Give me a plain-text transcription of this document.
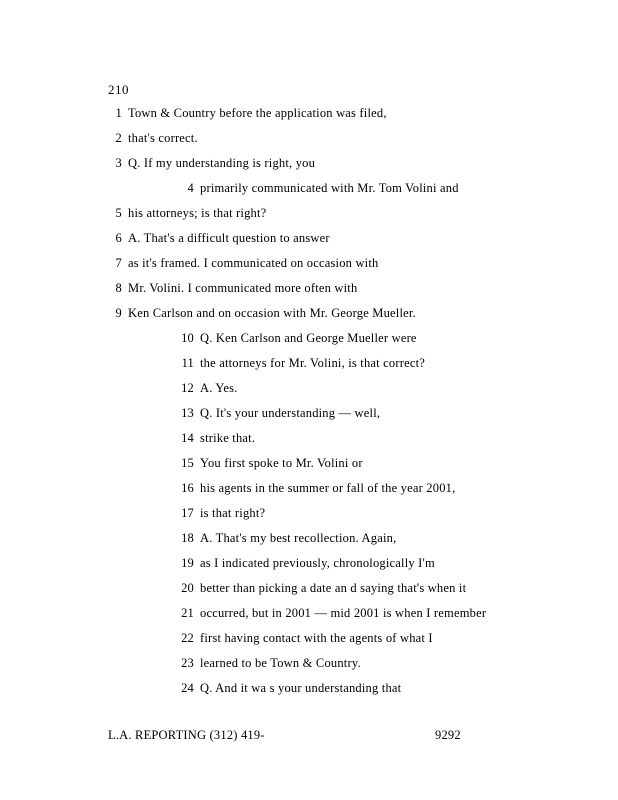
210
1 Town & Country before the application was filed,
2 that's correct.
3 Q. If my understanding is right, you
4 primarily communicated with Mr. Tom Volini and
5 his attorneys; is that right?
6 A. That's a difficult question to answer
7 as it's framed. I communicated on occasion with
8 Mr. Volini. I communicated more often with
9 Ken Carlson and on occasion with Mr. George Mueller.
10 Q. Ken Carlson and George Mueller were
11 the attorneys for Mr. Volini, is that correct?
12 A. Yes.
13 Q. It's your understanding — well,
14 strike that.
15You first spoke to Mr. Volini or
16 his agents in the summer or fall of the year 2001,
17 is that right?
18 A. That's my best recollection. Again,
19 as I indicated previously, chronologically I'm
20 better than picking a date an d saying that's when it
21 occurred, but in 2001 — mid 2001 is when I remember
22 first having contact with the agents of what I
23 learned to be Town & Country.
24 Q. And it wa s your understanding that
L.A. REPORTING (312) 419-	9292
